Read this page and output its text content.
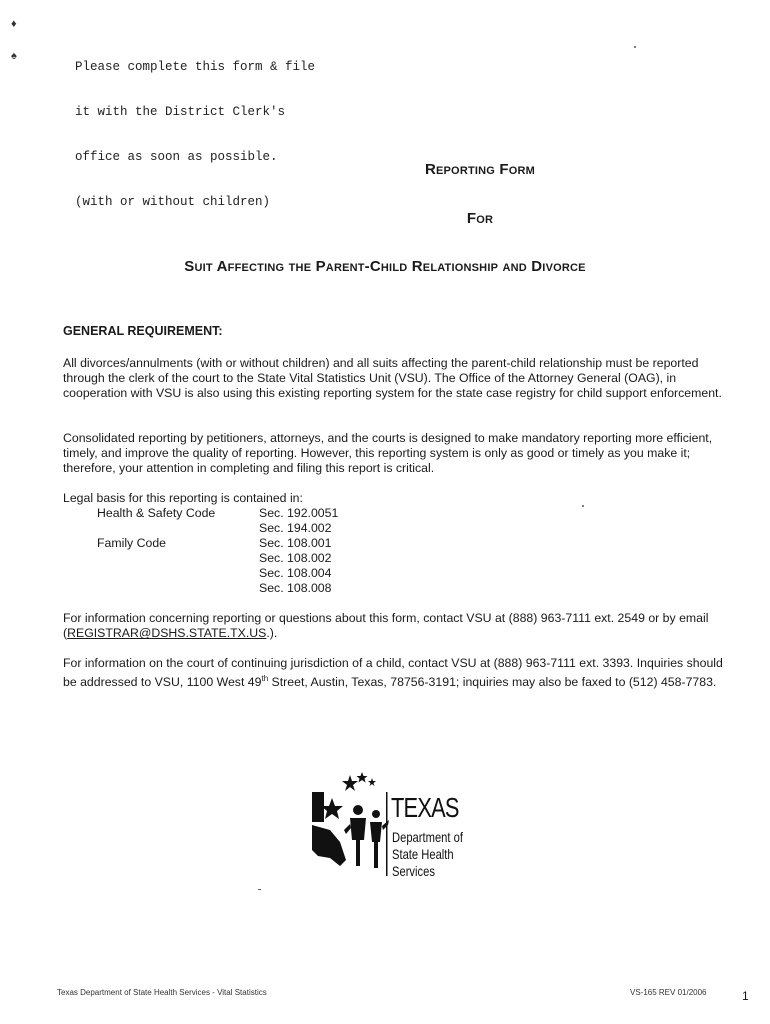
♦
♠

Please complete this form & file

it with the District Clerk's

office as soon as possible.

(with or without children)

Reporting Form
For
Suit Affecting the Parent-Child Relationship and Divorce
GENERAL REQUIREMENT:
All divorces/annulments (with or without children) and all suits affecting the parent-child relationship must be reported through the clerk of the court to the State Vital Statistics Unit (VSU). The Office of the Attorney General (OAG), in cooperation with VSU is also using this existing reporting system for the state case registry for child support enforcement.
Consolidated reporting by petitioners, attorneys, and the courts is designed to make mandatory reporting more efficient, timely, and improve the quality of reporting. However, this reporting system is only as good or timely as you make it; therefore, your attention in completing and filing this report is critical.
Legal basis for this reporting is contained in:
Health & Safety Code	Sec. 192.0051
Sec. 194.002
Family Code	Sec. 108.001
Sec. 108.002
Sec. 108.004
Sec. 108.008
For information concerning reporting or questions about this form, contact VSU at (888) 963-7111 ext. 2549 or by email (REGISTRAR@DSHS.STATE.TX.US.).
For information on the court of continuing jurisdiction of a child, contact VSU at (888) 963-7111 ext. 3393. Inquiries should be addressed to VSU, 1100 West 49th Street, Austin, Texas, 78756-3191; inquiries may also be faxed to (512) 458-7783.
TEXAS
Department of
State Health Services
Texas Department of State Health Services - Vital Statistics	VS-165 REV 01/2006	1
